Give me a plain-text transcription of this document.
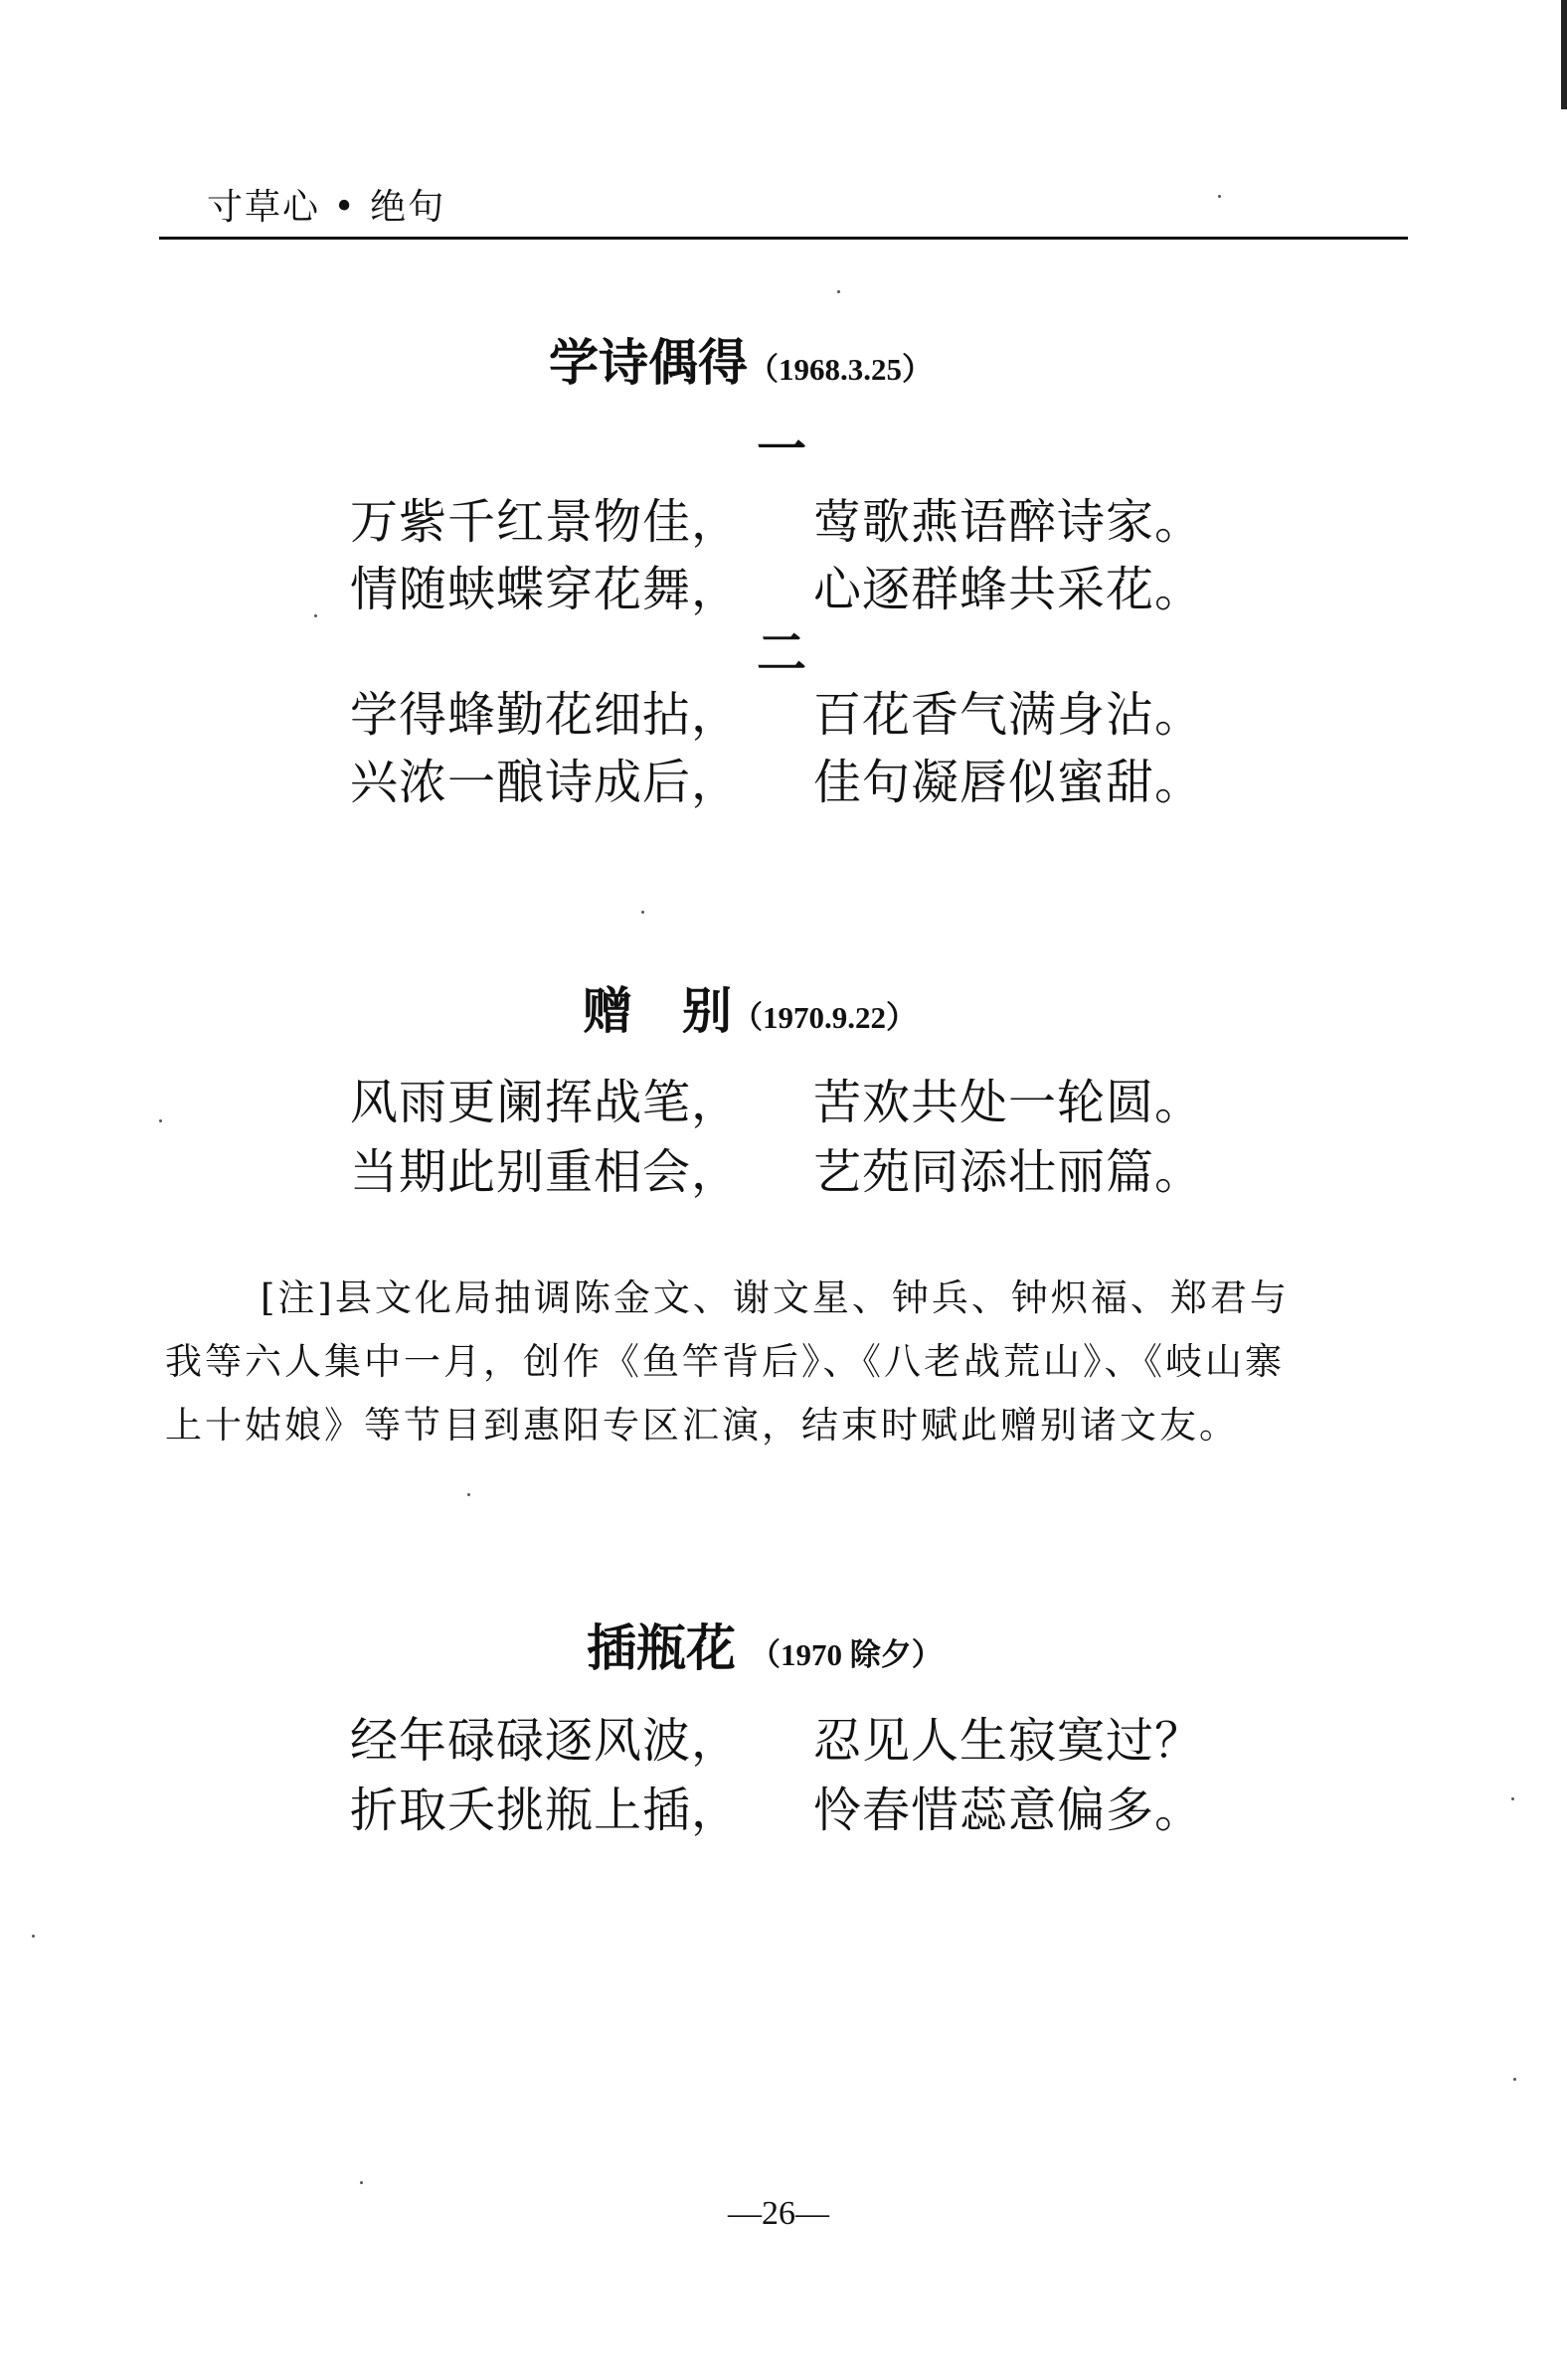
寸草心 • 绝句
学诗偶得（1968.3.25）
一
万紫千红景物佳， 莺歌燕语醉诗家。
情随蛱蝶穿花舞， 心逐群蜂共采花。
二
学得蜂勤花细拈， 百花香气满身沾。
兴浓一酿诗成后， 佳句凝唇似蜜甜。
赠　别（1970.9.22）
风雨更阑挥战笔， 苦欢共处一轮圆。
当期此别重相会， 艺苑同添壮丽篇。
[注]县文化局抽调陈金文、谢文星、钟兵、钟炽福、郑君与
我等六人集中一月，创作《鱼竿背后》、《八老战荒山》、《岐山寨
上十姑娘》等节目到惠阳专区汇演，结束时赋此赠别诸文友。
插瓶花 （1970 除夕）
经年碌碌逐风波， 忍见人生寂寞过？
折取夭挑瓶上插， 怜春惜蕊意偏多。
—26—
